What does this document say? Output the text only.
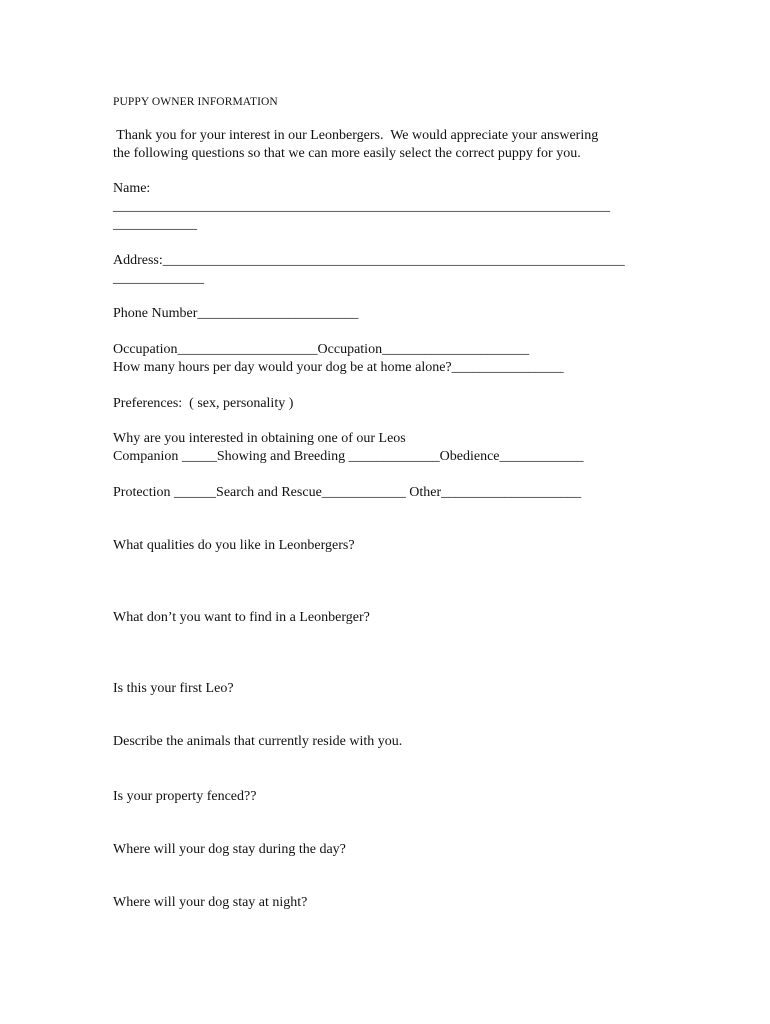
PUPPY OWNER INFORMATION

Thank you for your interest in our Leonbergers.  We would appreciate your answering

the following questions so that we can more easily select the correct puppy for you.

Name:

_______________________________________________________________________

____________

Address:__________________________________________________________________

_____________

Phone Number_______________________

Occupation____________________Occupation_____________________

How many hours per day would your dog be at home alone?________________

Preferences:  ( sex, personality )

Why are you interested in obtaining one of our Leos

Companion _____Showing and Breeding _____________Obedience____________

Protection ______Search and Rescue____________ Other____________________

What qualities do you like in Leonbergers?

What don’t you want to find in a Leonberger?

Is this your first Leo?

Describe the animals that currently reside with you.

Is your property fenced??

Where will your dog stay during the day?

Where will your dog stay at night?
